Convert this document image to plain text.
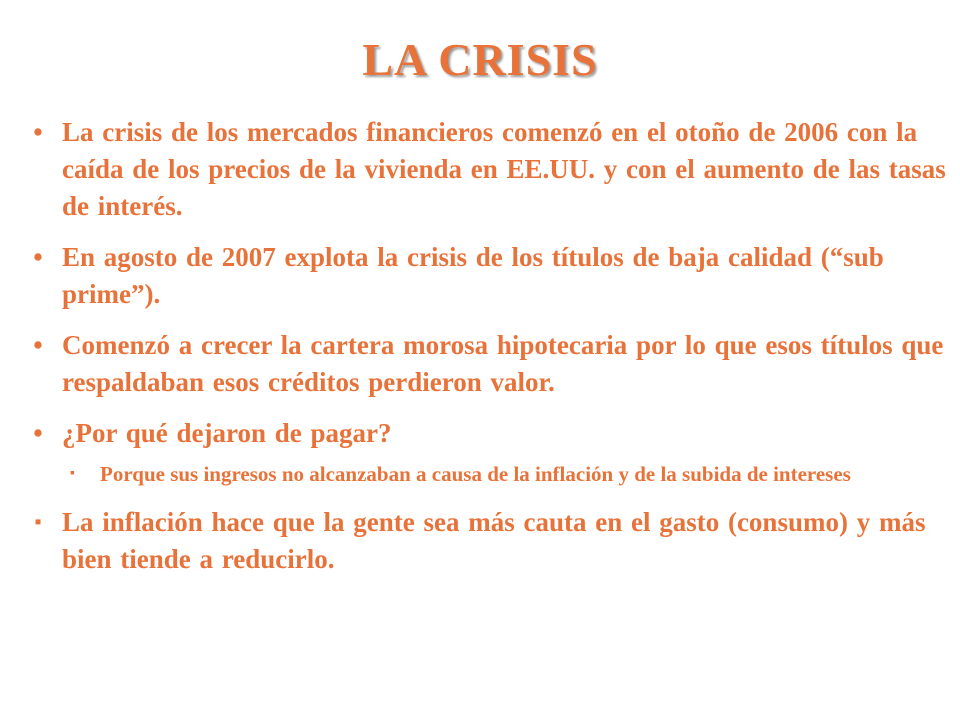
LA CRISIS
• La crisis de los mercados financieros comenzó en el otoño de 2006 con la caída de los precios de la vivienda en EE.UU. y con el aumento de las tasas de interés.
• En agosto de 2007 explota la crisis de los títulos de baja calidad (“sub prime”).
• Comenzó a crecer la cartera morosa hipotecaria por lo que esos títulos que respaldaban esos créditos perdieron valor.
• ¿Por qué dejaron de pagar?
▪ Porque sus ingresos no alcanzaban a causa de la inflación y de la subida de intereses
▪ La inflación hace que la gente sea más cauta en el gasto (consumo) y más bien tiende a reducirlo.
